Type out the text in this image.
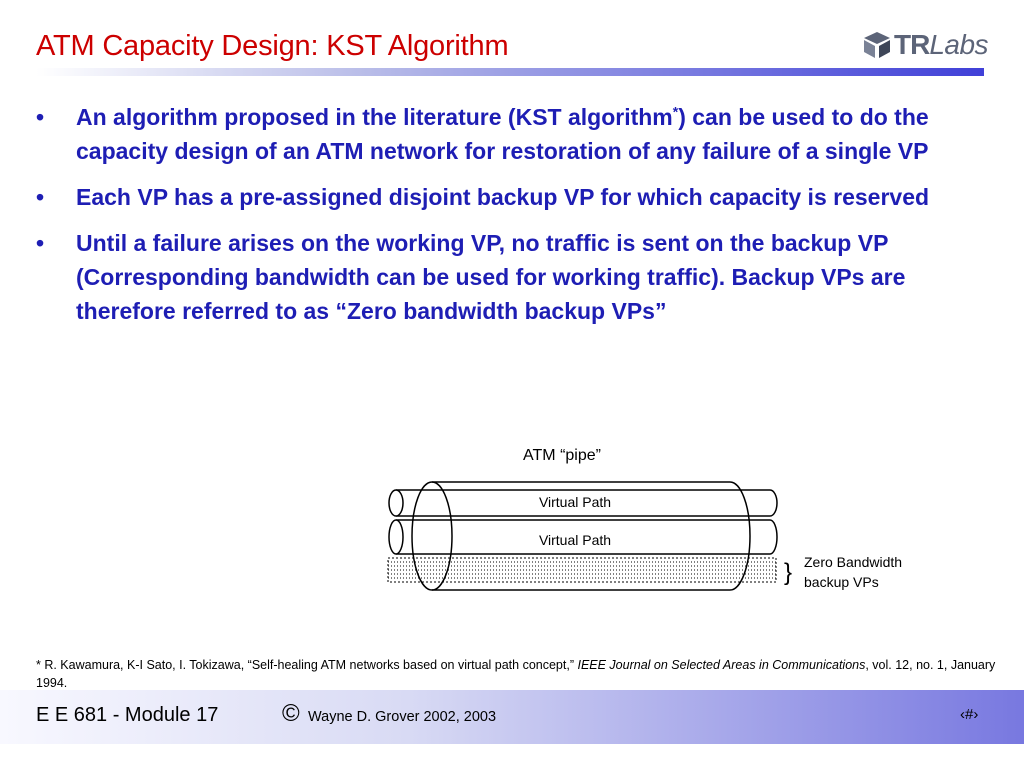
ATM Capacity Design: KST Algorithm	TRLabs
• An algorithm proposed in the literature (KST algorithm*) can be used to do the capacity design of an ATM network for restoration of any failure of a single VP
• Each VP has a pre-assigned disjoint backup VP for which capacity is reserved
• Until a failure arises on the working VP, no traffic is sent on the backup VP (Corresponding bandwidth can be used for working traffic). Backup VPs are therefore referred to as “Zero bandwidth backup VPs”
ATM “pipe”
Virtual Path
Virtual Path
} Zero Bandwidth
backup VPs
* R. Kawamura, K-I Sato, I. Tokizawa, “Self-healing ATM networks based on virtual path concept,” IEEE Journal on Selected Areas in Communications, vol. 12, no. 1, January 1994.
E E 681 - Module 17	© Wayne D. Grover 2002, 2003	‹#›
